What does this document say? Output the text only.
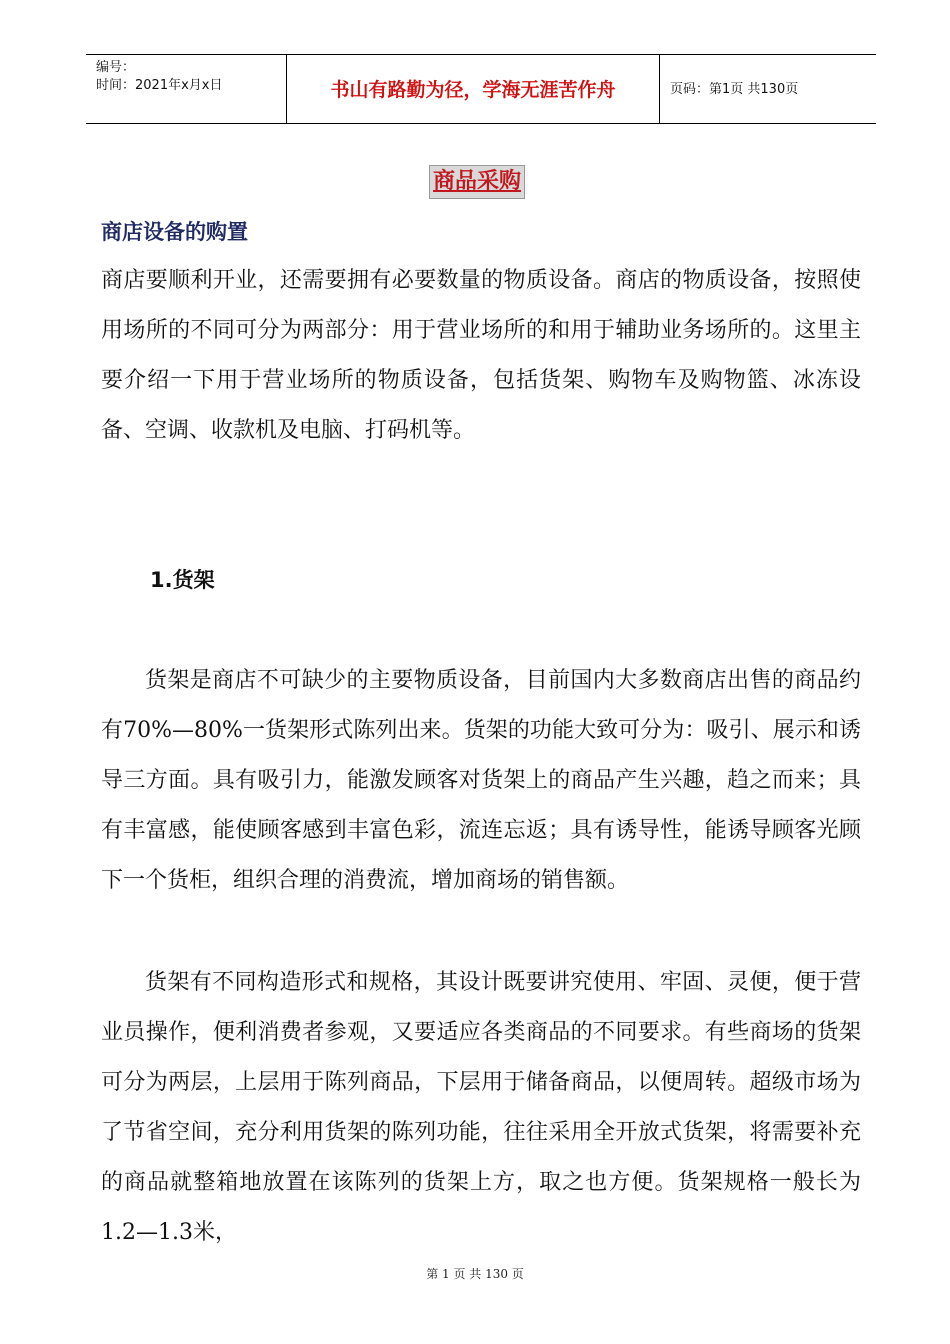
编号：
时间：2021年x月x日	书山有路勤为径，学海无涯苦作舟	页码：第1页 共130页
商品采购
商店设备的购置

商店要顺利开业，还需要拥有必要数量的物质设备。商店的物质设备，按照使用场所的不同可分为两部分：用于营业场所的和用于辅助业务场所的。这里主要介绍一下用于营业场所的物质设备，包括货架、购物车及购物篮、冰冻设备、空调、收款机及电脑、打码机等。

1.货架

货架是商店不可缺少的主要物质设备，目前国内大多数商店出售的商品约有70%—80%一货架形式陈列出来。货架的功能大致可分为：吸引、展示和诱导三方面。具有吸引力，能激发顾客对货架上的商品产生兴趣，趋之而来；具有丰富感，能使顾客感到丰富色彩，流连忘返；具有诱导性，能诱导顾客光顾下一个货柜，组织合理的消费流，增加商场的销售额。

货架有不同构造形式和规格，其设计既要讲究使用、牢固、灵便，便于营业员操作，便利消费者参观，又要适应各类商品的不同要求。有些商场的货架可分为两层，上层用于陈列商品，下层用于储备商品，以便周转。超级市场为了节省空间，充分利用货架的陈列功能，往往采用全开放式货架，将需要补充的商品就整箱地放置在该陈列的货架上方，取之也方便。货架规格一般长为1.2—1.3米，

第 1 页 共 130 页
